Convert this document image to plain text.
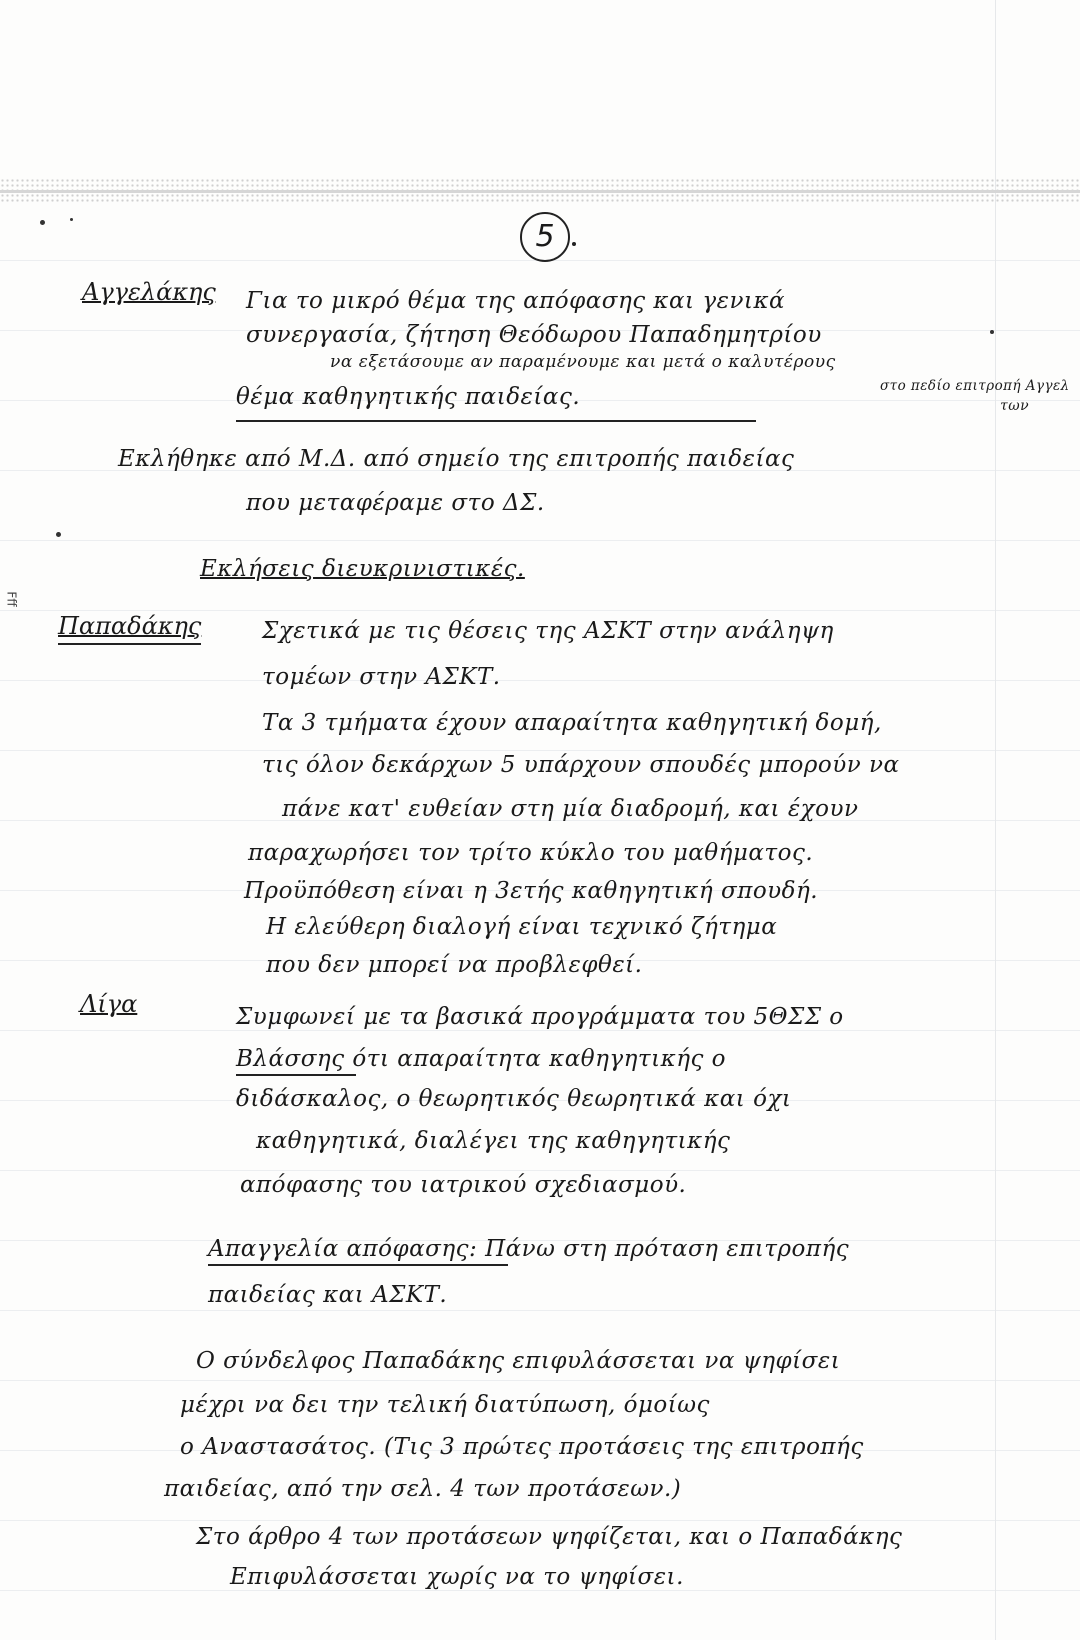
Fff
5
Αγγελάκης Για το μικρό θέμα της απόφασης και γενικά
συνεργασία, ζήτηση Θεόδωρου Παπαδημητρίου
να εξετάσουμε αν παραμένουμε και μετά ο καλυτέρους
θέμα καθηγητικής παιδείας.	στο πεδίο επιτροπή Αγγελ
των
Εκλήθηκε από Μ.Δ. από σημείο της επιτροπής παιδείας
που μεταφέραμε στο ΔΣ.
Εκλήσεις διευκρινιστικές.
Παπαδάκης	Σχετικά με τις θέσεις της ΑΣΚΤ στην ανάληψη
τομέων στην ΑΣΚΤ.
Τα 3 τμήματα έχουν απαραίτητα καθηγητική δομή,
τις όλον δεκάρχων 5 υπάρχουν σπουδές μπορούν να
πάνε κατ' ευθείαν στη μία διαδρομή, και έχουν
παραχωρήσει τον τρίτο κύκλο του μαθήματος.
Προϋπόθεση είναι η 3ετής καθηγητική σπουδή.
Η ελεύθερη διαλογή είναι τεχνικό ζήτημα
που δεν μπορεί να προβλεφθεί.
Λίγα	Συμφωνεί με τα βασικά προγράμματα του 5ΘΣΣ ο
Βλάσσης ότι απαραίτητα καθηγητικής ο
διδάσκαλος, ο θεωρητικός θεωρητικά και όχι
καθηγητικά, διαλέγει της καθηγητικής
απόφασης του ιατρικού σχεδιασμού.
Απαγγελία απόφασης: Πάνω στη πρόταση επιτροπής
παιδείας και ΑΣΚΤ.
Ο σύνδελφος Παπαδάκης επιφυλάσσεται να ψηφίσει
μέχρι να δει την τελική διατύπωση, όμοίως
ο Αναστασάτος. (Τις 3 πρώτες προτάσεις της επιτροπής
παιδείας, από την σελ. 4 των προτάσεων.)
Στο άρθρο 4 των προτάσεων ψηφίζεται, και ο Παπαδάκης
Επιφυλάσσεται χωρίς να το ψηφίσει.
